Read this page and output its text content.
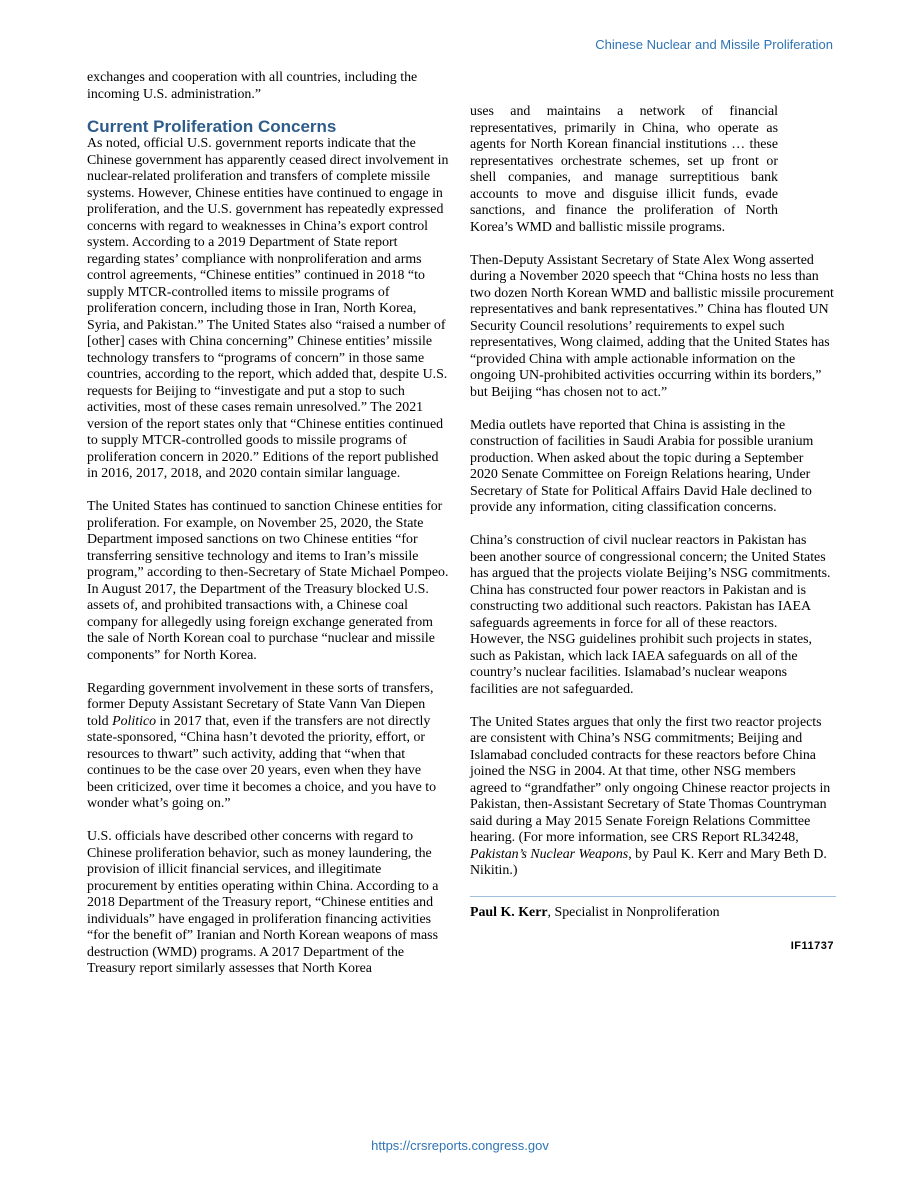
Chinese Nuclear and Missile Proliferation

exchanges and cooperation with all countries, including the incoming U.S. administration.”

Current Proliferation Concerns

As noted, official U.S. government reports indicate that the Chinese government has apparently ceased direct involvement in nuclear-related proliferation and transfers of complete missile systems. However, Chinese entities have continued to engage in proliferation, and the U.S. government has repeatedly expressed concerns with regard to weaknesses in China’s export control system. According to a 2019 Department of State report regarding states’ compliance with nonproliferation and arms control agreements, “Chinese entities” continued in 2018 “to supply MTCR-controlled items to missile programs of proliferation concern, including those in Iran, North Korea, Syria, and Pakistan.” The United States also “raised a number of [other] cases with China concerning” Chinese entities’ missile technology transfers to “programs of concern” in those same countries, according to the report, which added that, despite U.S. requests for Beijing to “investigate and put a stop to such activities, most of these cases remain unresolved.” The 2021 version of the report states only that “Chinese entities continued to supply MTCR-controlled goods to missile programs of proliferation concern in 2020.” Editions of the report published in 2016, 2017, 2018, and 2020 contain similar language.

The United States has continued to sanction Chinese entities for proliferation. For example, on November 25, 2020, the State Department imposed sanctions on two Chinese entities “for transferring sensitive technology and items to Iran’s missile program,” according to then-Secretary of State Michael Pompeo. In August 2017, the Department of the Treasury blocked U.S. assets of, and prohibited transactions with, a Chinese coal company for allegedly using foreign exchange generated from the sale of North Korean coal to purchase “nuclear and missile components” for North Korea.

Regarding government involvement in these sorts of transfers, former Deputy Assistant Secretary of State Vann Van Diepen told Politico in 2017 that, even if the transfers are not directly state-sponsored, “China hasn’t devoted the priority, effort, or resources to thwart” such activity, adding that “when that continues to be the case over 20 years, even when they have been criticized, over time it becomes a choice, and you have to wonder what’s going on.”

U.S. officials have described other concerns with regard to Chinese proliferation behavior, such as money laundering, the provision of illicit financial services, and illegitimate procurement by entities operating within China. According to a 2018 Department of the Treasury report, “Chinese entities and individuals” have engaged in proliferation financing activities “for the benefit of” Iranian and North Korean weapons of mass destruction (WMD) programs. A 2017 Department of the Treasury report similarly assesses that North Korea

uses and maintains a network of financial representatives, primarily in China, who operate as agents for North Korean financial institutions … these representatives orchestrate schemes, set up front or shell companies, and manage surreptitious bank accounts to move and disguise illicit funds, evade sanctions, and finance the proliferation of North Korea’s WMD and ballistic missile programs.

Then-Deputy Assistant Secretary of State Alex Wong asserted during a November 2020 speech that “China hosts no less than two dozen North Korean WMD and ballistic missile procurement representatives and bank representatives.” China has flouted UN Security Council resolutions’ requirements to expel such representatives, Wong claimed, adding that the United States has “provided China with ample actionable information on the ongoing UN-prohibited activities occurring within its borders,” but Beijing “has chosen not to act.”

Media outlets have reported that China is assisting in the construction of facilities in Saudi Arabia for possible uranium production. When asked about the topic during a September 2020 Senate Committee on Foreign Relations hearing, Under Secretary of State for Political Affairs David Hale declined to provide any information, citing classification concerns.

China’s construction of civil nuclear reactors in Pakistan has been another source of congressional concern; the United States has argued that the projects violate Beijing’s NSG commitments. China has constructed four power reactors in Pakistan and is constructing two additional such reactors. Pakistan has IAEA safeguards agreements in force for all of these reactors. However, the NSG guidelines prohibit such projects in states, such as Pakistan, which lack IAEA safeguards on all of the country’s nuclear facilities. Islamabad’s nuclear weapons facilities are not safeguarded.

The United States argues that only the first two reactor projects are consistent with China’s NSG commitments; Beijing and Islamabad concluded contracts for these reactors before China joined the NSG in 2004. At that time, other NSG members agreed to “grandfather” only ongoing Chinese reactor projects in Pakistan, then-Assistant Secretary of State Thomas Countryman said during a May 2015 Senate Foreign Relations Committee hearing. (For more information, see CRS Report RL34248, Pakistan’s Nuclear Weapons, by Paul K. Kerr and Mary Beth D. Nikitin.)

Paul K. Kerr, Specialist in Nonproliferation

IF11737
https://crsreports.congress.gov
